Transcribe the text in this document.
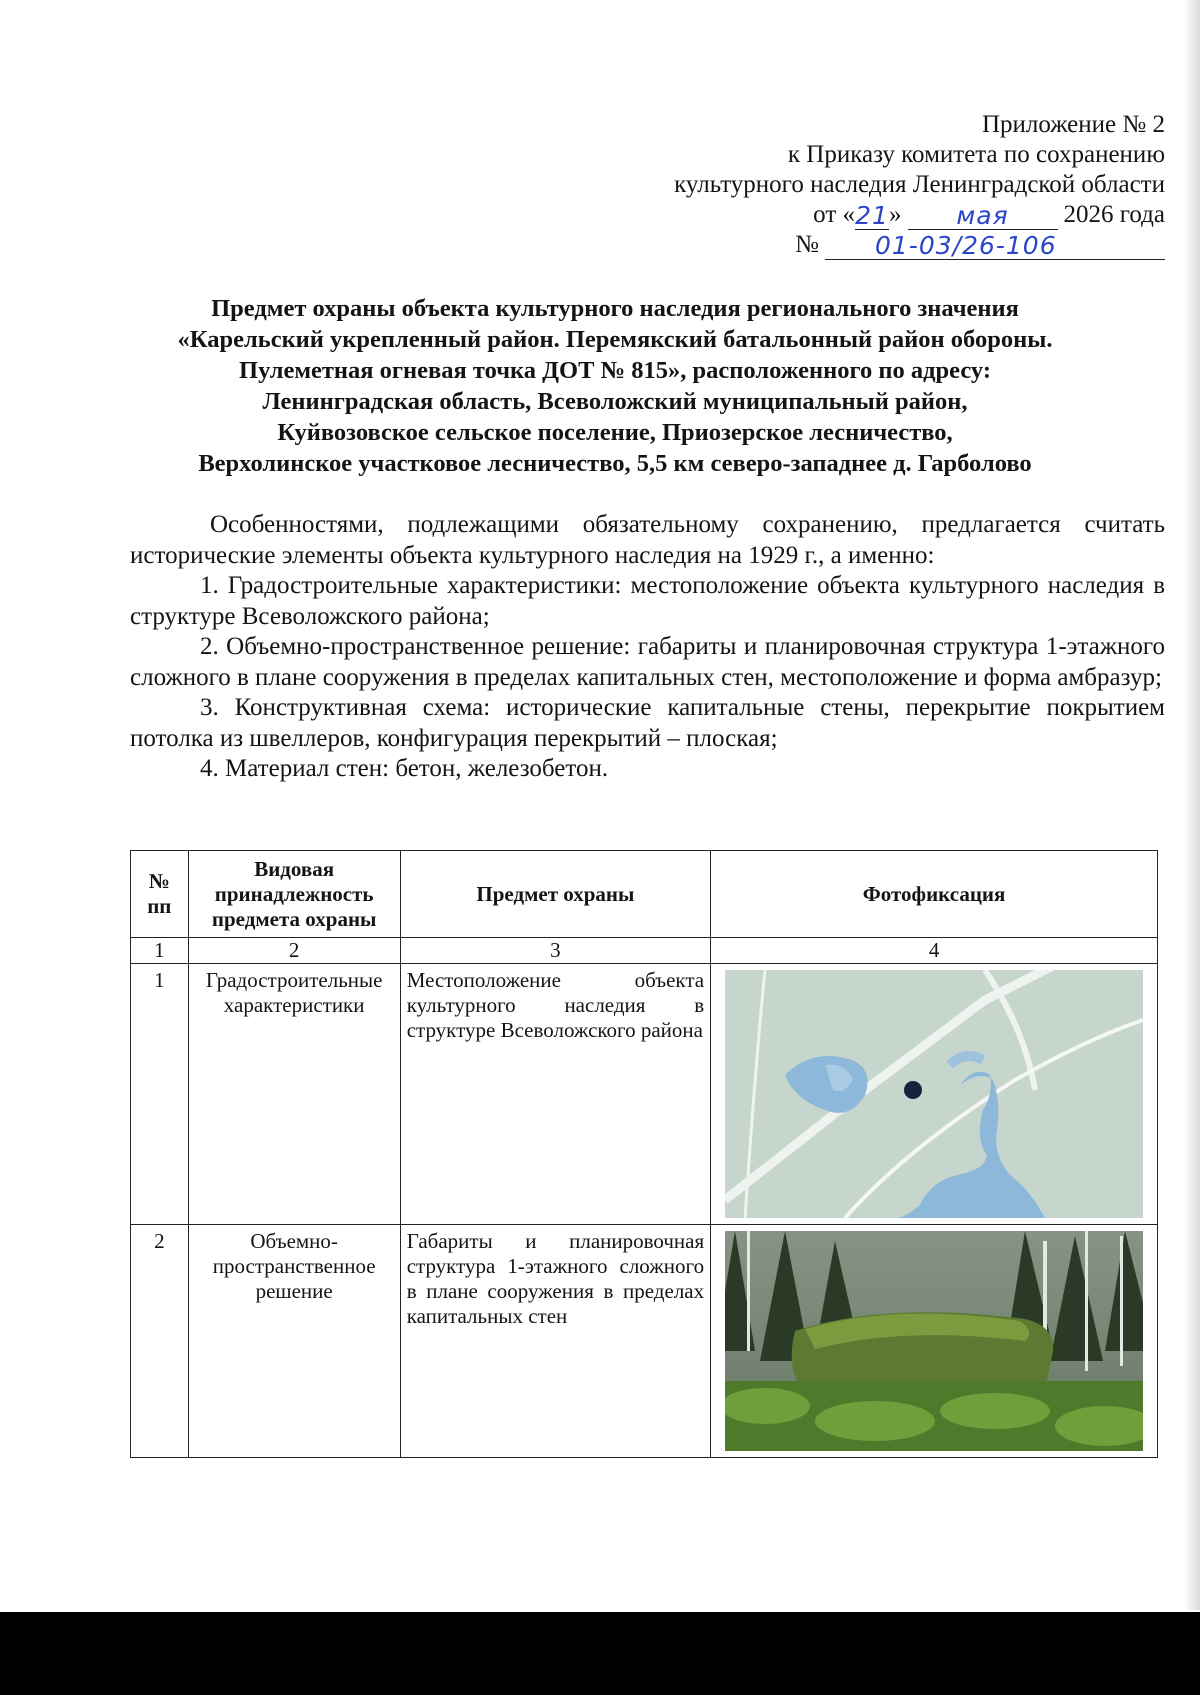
Приложение № 2
к Приказу комитета по сохранению
культурного наследия Ленинградской области
от « 21 »	мая	2026 года
№	01-03/26-106
Предмет охраны объекта культурного наследия регионального значения
«Карельский укрепленный район. Перемякский батальонный район обороны.
Пулеметная огневая точка ДОТ № 815», расположенного по адресу:
Ленинградская область, Всеволожский муниципальный район,
Куйвозовское сельское поселение, Приозерское лесничество,
Верхолинское участковое лесничество, 5,5 км северо-западнее д. Гарболово

Особенностями, подлежащими обязательному сохранению, предлагается считать исторические элементы объекта культурного наследия на 1929 г., а именно:

1. Градостроительные характеристики: местоположение объекта культурного наследия в структуре Всеволожского района;

2. Объемно-пространственное решение: габариты и планировочная структура 1-этажного сложного в плане сооружения в пределах капитальных стен, местоположение и форма амбразур;

3. Конструктивная схема: исторические капитальные стены, перекрытие покрытием потолка из швеллеров, конфигурация перекрытий – плоская;

4. Материал стен: бетон, железобетон.

№ пп	Видовая принадлежность предмета охраны	Предмет охраны	Фотофиксация
1	2	3	4
1	Градостроительные характеристики	Местоположение объекта культурного наследия в структуре Всеволожского района	

2	Объемно-пространственное решение	Габариты и планировочная структура 1-этажного сложного в плане сооружения в пределах капитальных стен	
